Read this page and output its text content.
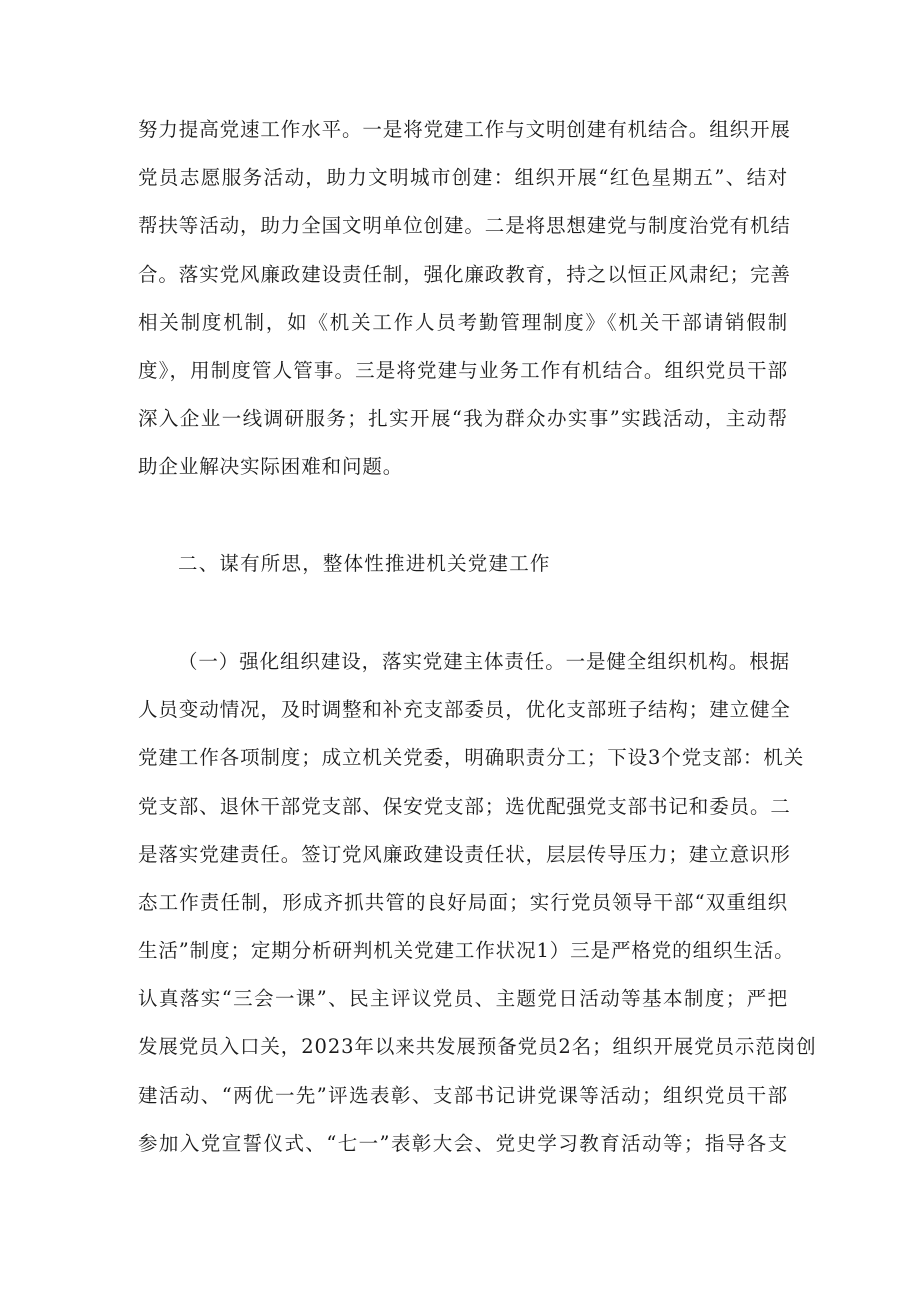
努力提高党速工作水平。一是将党建工作与文明创建有机结合。组织开展
党员志愿服务活动，助力文明城市创建：组织开展“红色星期五”、结对
帮扶等活动，助力全国文明单位创建。二是将思想建党与制度治党有机结
合。落实党风廉政建设责任制，强化廉政教育，持之以恒正风肃纪；完善
相关制度机制，如《机关工作人员考勤管理制度》《机关干部请销假制
度》，用制度管人管事。三是将党建与业务工作有机结合。组织党员干部
深入企业一线调研服务；扎实开展“我为群众办实事”实践活动，主动帮
助企业解决实际困难和问题。
二、谋有所思，整体性推进机关党建工作
（一）强化组织建设，落实党建主体责任。一是健全组织机构。根据
人员变动情况，及时调整和补充支部委员，优化支部班子结构；建立健全
党建工作各项制度；成立机关党委，明确职责分工；下设3个党支部：机关
党支部、退休干部党支部、保安党支部；选优配强党支部书记和委员。二
是落实党建责任。签订党风廉政建设责任状，层层传导压力；建立意识形
态工作责任制，形成齐抓共管的良好局面；实行党员领导干部“双重组织
生活”制度；定期分析研判机关党建工作状况1）三是严格党的组织生活。
认真落实“三会一课”、民主评议党员、主题党日活动等基本制度；严把
发展党员入口关，2023年以来共发展预备党员2名；组织开展党员示范岗创
建活动、“两优一先”评选表彰、支部书记讲党课等活动；组织党员干部
参加入党宣誓仪式、“七一”表彰大会、党史学习教育活动等；指导各支
